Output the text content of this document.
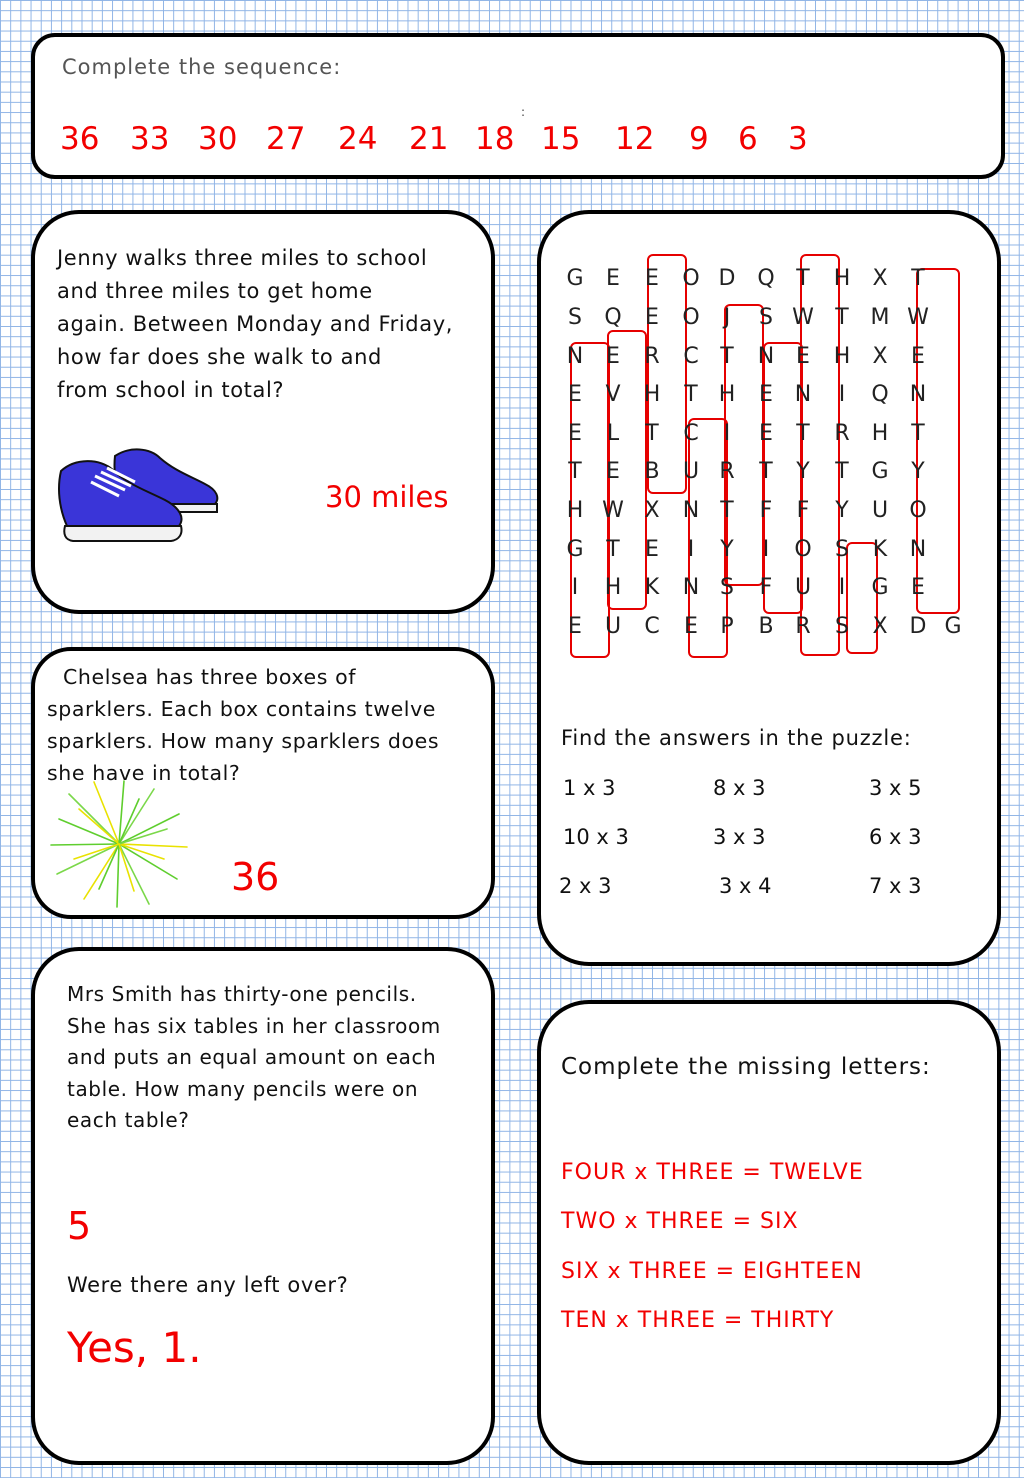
Complete the sequence:
:
36 33 30 27 24 21 18 15 12 9 6 3
Jenny walks three miles to school
and three miles to get home
again. Between Monday and Friday,
how far does she walk to and
from school in total?
30 miles
Chelsea has three boxes of
sparklers. Each box contains twelve
sparklers. How many sparklers does
she have in total?
36
Mrs Smith has thirty-one pencils.
She has six tables in her classroom
and puts an equal amount on each
table. How many pencils were on
each table?
5
Were there any left over?
Yes, 1.
G	E	E	O D Q T	H	X	T
S	Q	E	O	J	S W T M W
N	E	R	C T	N E	H	X	E
E	V	H	T H	E N	I	Q N
E	L	T	C	I	E	T	R	H	T
T	E	B	U R	T	Y	T	G	Y
H W X	N T	F	F	Y	U O
G	T	E	I	Y	I	O	S	K	N
I	H	K	N S	F	U	I	G	E
E	U	C	E	P	B R	S	X D G
Find the answers in the puzzle:
1 x 3	8 x 3	3 x 5
10 x 3	3 x 3	6 x 3
2 x 3	3 x 4	7 x 3
Complete the missing letters:
FOUR x THREE = TWELVE
TWO x THREE = SIX
SIX x THREE = EIGHTEEN
TEN x THREE = THIRTY
